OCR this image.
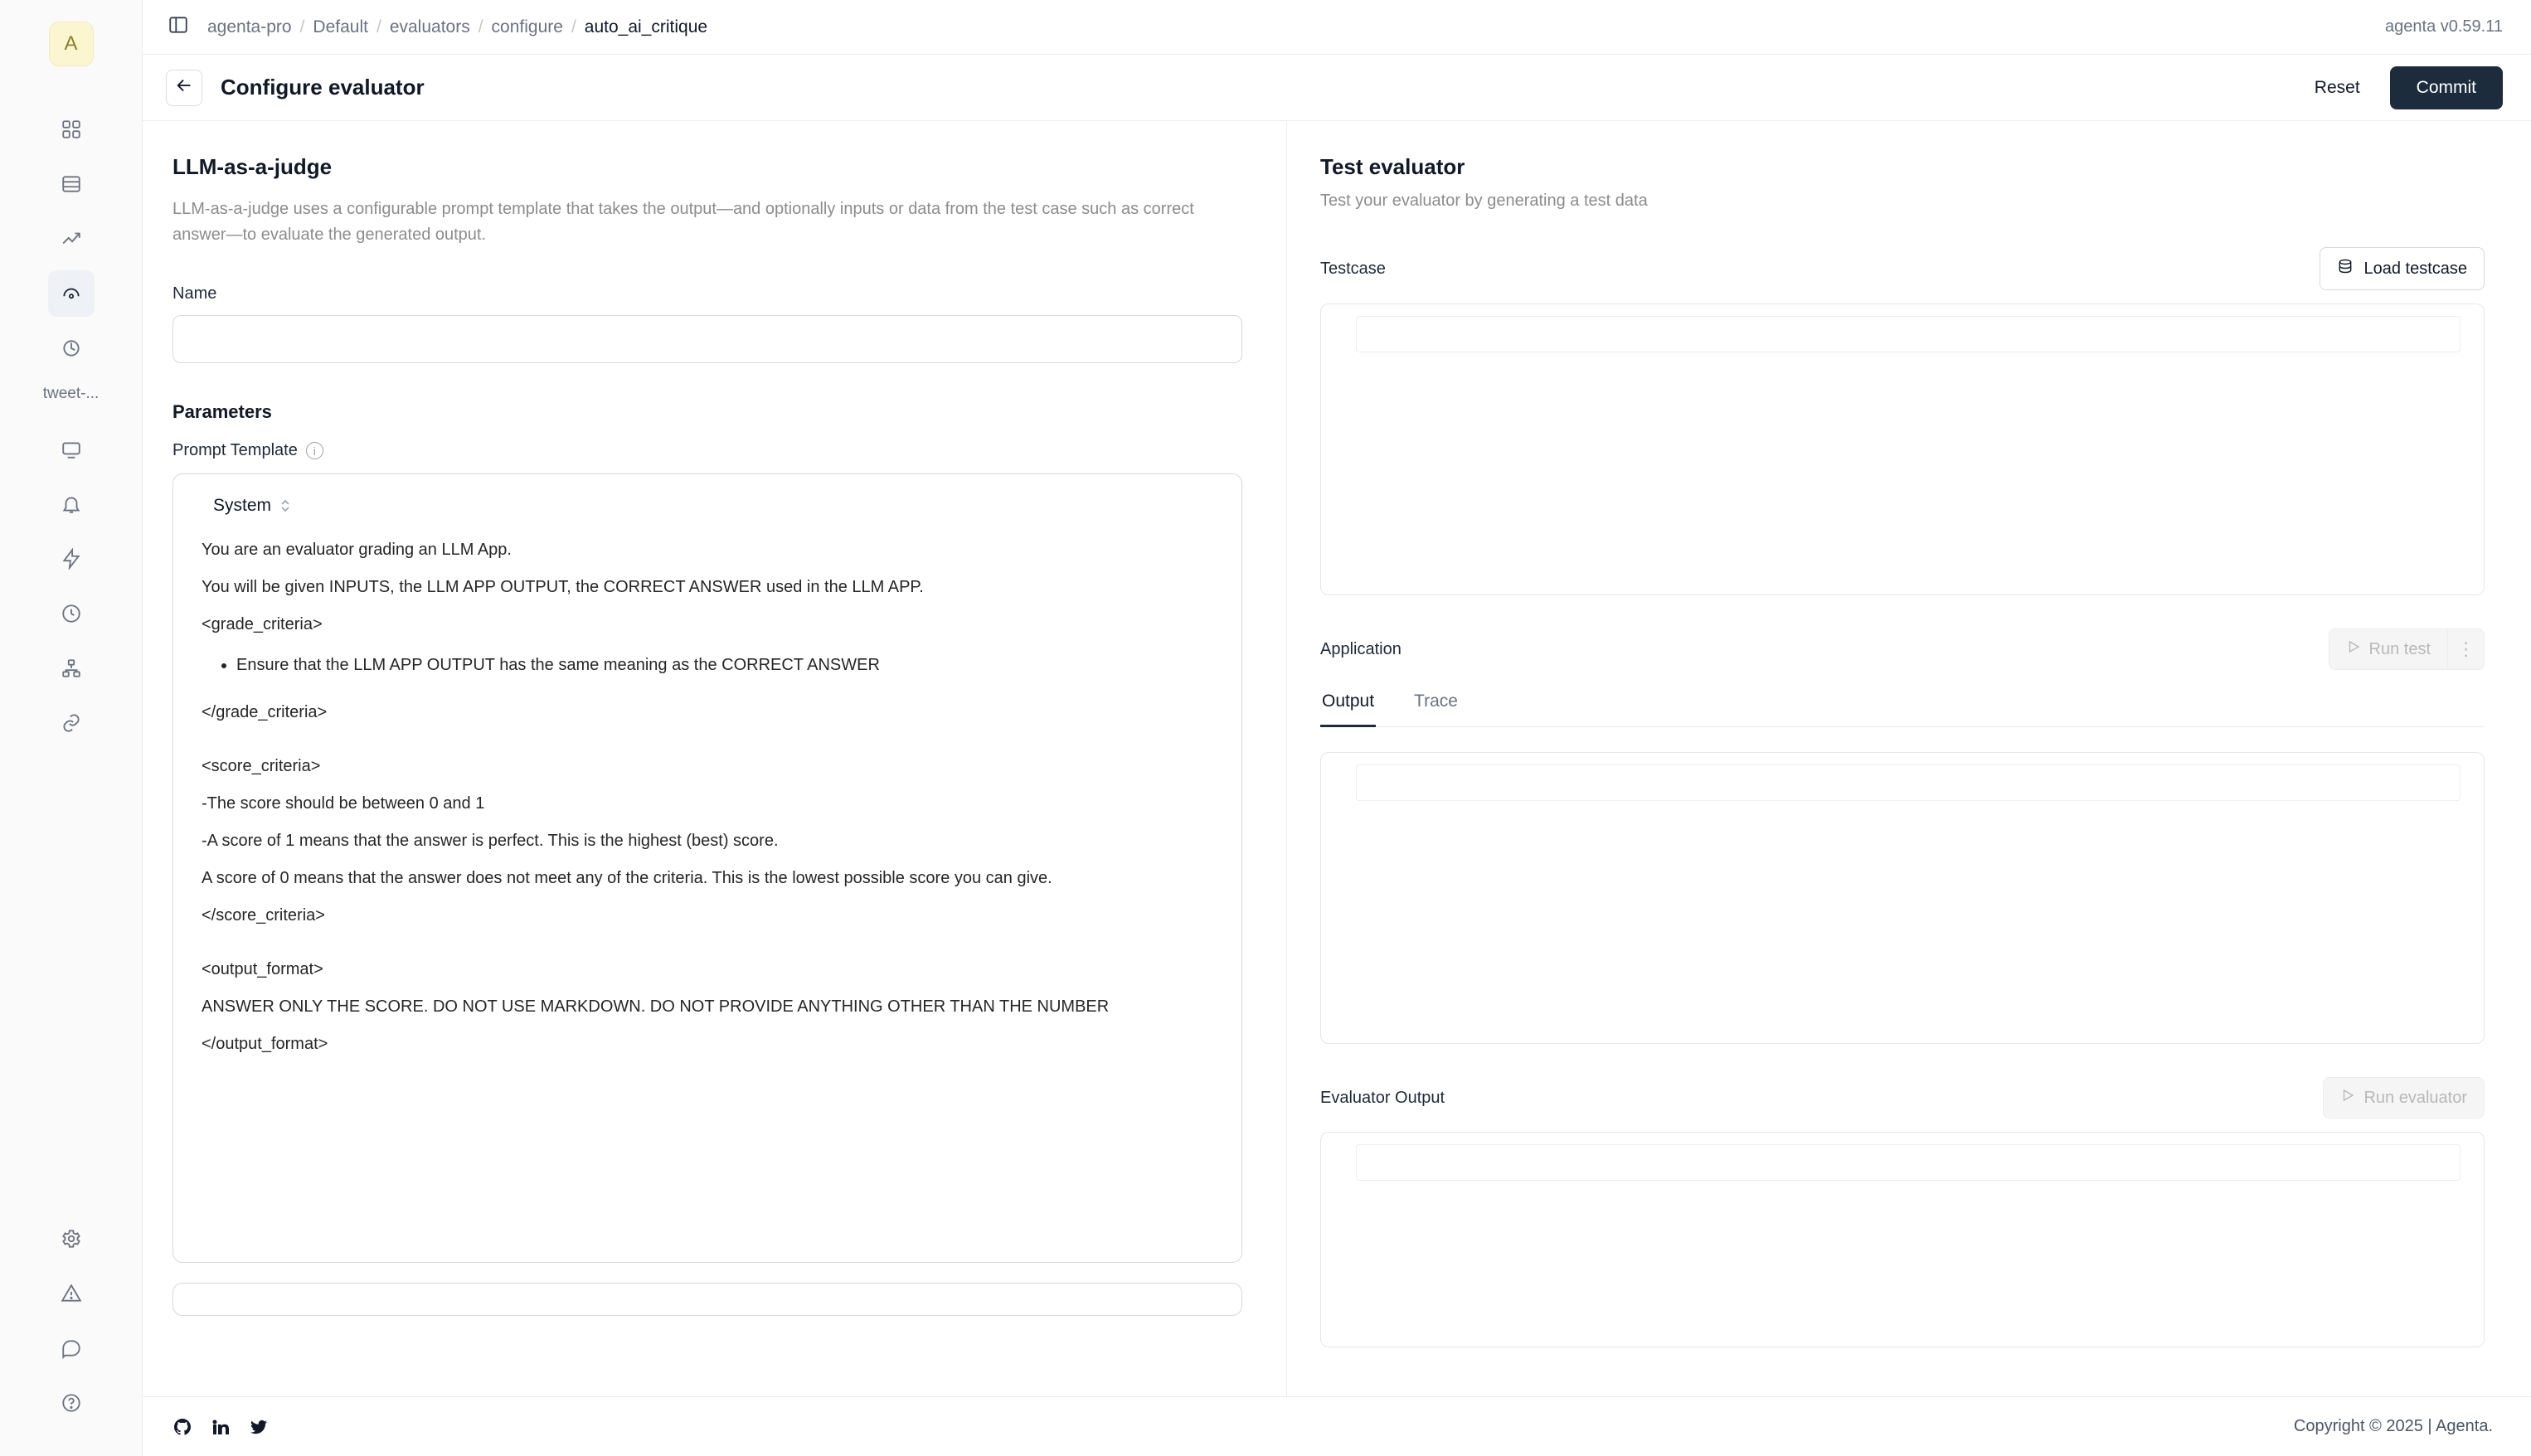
A
tweet-...
agenta-pro / Default / evaluators / configure / auto_ai_critique	agenta v0.59.11
Configure evaluator	Reset	Commit
LLM-as-a-judge

LLM-as-a-judge uses a configurable prompt template that takes the output—and optionally inputs or data from the test case such as correct answer—to evaluate the generated output.

Name
Parameters
Prompt Template	i
System

You are an evaluator grading an LLM App.

You will be given INPUTS, the LLM APP OUTPUT, the CORRECT ANSWER used in the LLM APP.

<grade_criteria>

• Ensure that the LLM APP OUTPUT has the same meaning as the CORRECT ANSWER

</grade_criteria>

<score_criteria>

-The score should be between 0 and 1

-A score of 1 means that the answer is perfect. This is the highest (best) score.

A score of 0 means that the answer does not meet any of the criteria. This is the lowest possible score you can give.

</score_criteria>

<output_format>

ANSWER ONLY THE SCORE. DO NOT USE MARKDOWN. DO NOT PROVIDE ANYTHING OTHER THAN THE NUMBER

</output_format>

Test evaluator

Test your evaluator by generating a test data

Testcase	Load testcase
Application	Run test	⋮
Output Trace
Evaluator Output	Run evaluator
Copyright © 2025 | Agenta.
